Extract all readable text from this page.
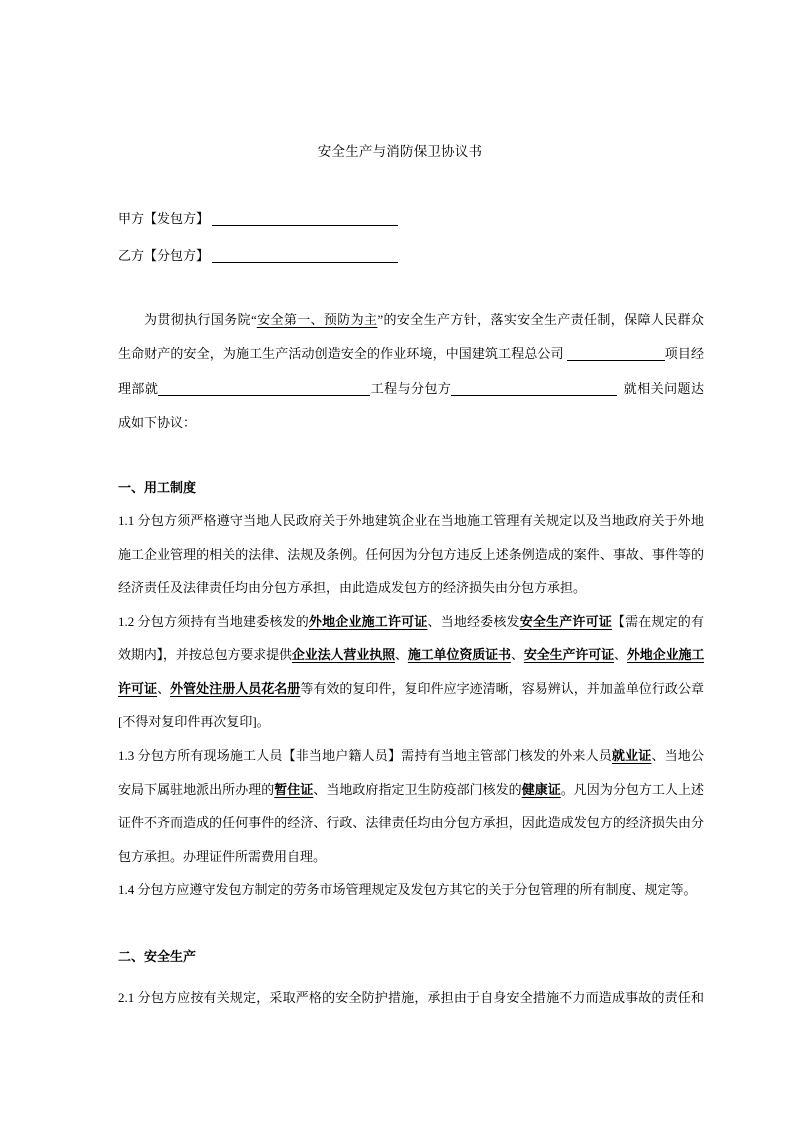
安全生产与消防保卫协议书
甲方【发包方】
乙方【分包方】
为贯彻执行国务院“安全第一、预防为主”的安全生产方针，落实安全生产责任制，保障人民群众
生命财产的安全，为施工生产活动创造安全的作业环境，中国建筑工程总公司	项目经
理部就	工程与分包方	就相关问题达
成如下协议：
一、用工制度
1.1 分包方须严格遵守当地人民政府关于外地建筑企业在当地施工管理有关规定以及当地政府关于外地
施工企业管理的相关的法律、法规及条例。任何因为分包方违反上述条例造成的案件、事故、事件等的
经济责任及法律责任均由分包方承担，由此造成发包方的经济损失由分包方承担。
1.2 分包方须持有当地建委核发的外地企业施工许可证、当地经委核发安全生产许可证【需在规定的有
效期内】，并按总包方要求提供企业法人营业执照、施工单位资质证书、安全生产许可证、外地企业施工
许可证、外管处注册人员花名册等有效的复印件，复印件应字迹清晰，容易辨认，并加盖单位行政公章
[不得对复印件再次复印]。
1.3 分包方所有现场施工人员【非当地户籍人员】需持有当地主管部门核发的外来人员就业证、当地公
安局下属驻地派出所办理的暂住证、当地政府指定卫生防疫部门核发的健康证。凡因为分包方工人上述
证件不齐而造成的任何事件的经济、行政、法律责任均由分包方承担，因此造成发包方的经济损失由分
包方承担。办理证件所需费用自理。
1.4 分包方应遵守发包方制定的劳务市场管理规定及发包方其它的关于分包管理的所有制度、规定等。
二、安全生产
2.1 分包方应按有关规定，采取严格的安全防护措施，承担由于自身安全措施不力而造成事故的责任和
